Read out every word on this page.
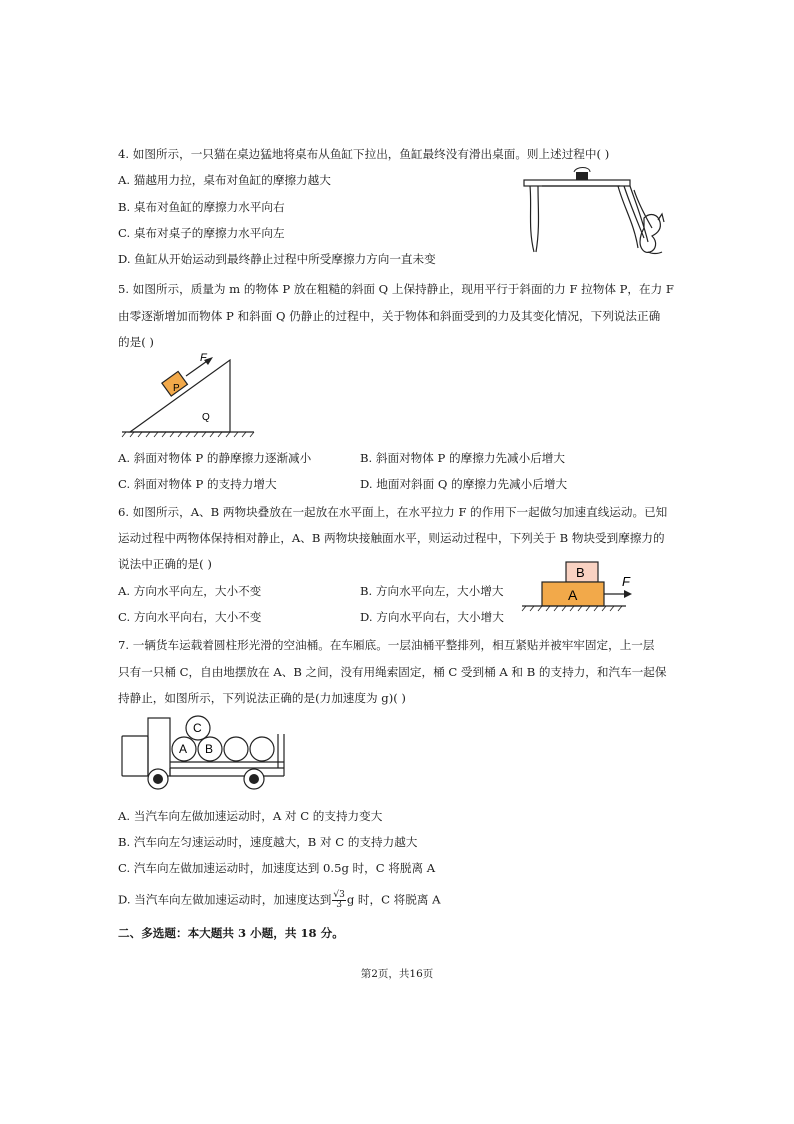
4. 如图所示，一只猫在桌边猛地将桌布从鱼缸下拉出，鱼缸最终没有滑出桌面。则上述过程中( )
A. 猫越用力拉，桌布对鱼缸的摩擦力越大
B. 桌布对鱼缸的摩擦力水平向右
C. 桌布对桌子的摩擦力水平向左
D. 鱼缸从开始运动到最终静止过程中所受摩擦力方向一直未变
5. 如图所示，质量为 m 的物体 P 放在粗糙的斜面 Q 上保持静止，现用平行于斜面的力 F 拉物体 P，在力 F
由零逐渐增加而物体 P 和斜面 Q 仍静止的过程中，关于物体和斜面受到的力及其变化情况，下列说法正确
的是( )
F
P
Q
A. 斜面对物体 P 的静摩擦力逐渐减小	B. 斜面对物体 P 的摩擦力先减小后增大
C. 斜面对物体 P 的支持力增大	D. 地面对斜面 Q 的摩擦力先减小后增大
6. 如图所示，A、B 两物块叠放在一起放在水平面上，在水平拉力 F 的作用下一起做匀加速直线运动。已知
运动过程中两物体保持相对静止，A、B 两物块接触面水平，则运动过程中，下列关于 B 物块受到摩擦力的
说法中正确的是( )
A. 方向水平向左，大小不变	B. 方向水平向左，大小增大
C. 方向水平向右，大小不变	D. 方向水平向右，大小增大
B
A
F
7. 一辆货车运载着圆柱形光滑的空油桶。在车厢底。一层油桶平整排列，相互紧贴并被牢牢固定，上一层
只有一只桶 C，自由地摆放在 A、B 之间，没有用绳索固定，桶 C 受到桶 A 和 B 的支持力，和汽车一起保
持静止，如图所示，下列说法正确的是(力加速度为 g)( )
A B
C
A. 当汽车向左做加速运动时，A 对 C 的支持力变大
B. 汽车向左匀速运动时，速度越大，B 对 C 的支持力越大
C. 汽车向左做加速运动时，加速度达到 0.5g 时，C 将脱离 A
D. 当汽车向左做加速运动时，加速度达到 $\frac{√3}{3}$ g 时，C 将脱离 A
二、多选题：本大题共 3 小题，共 18 分。
第2页，共16页
